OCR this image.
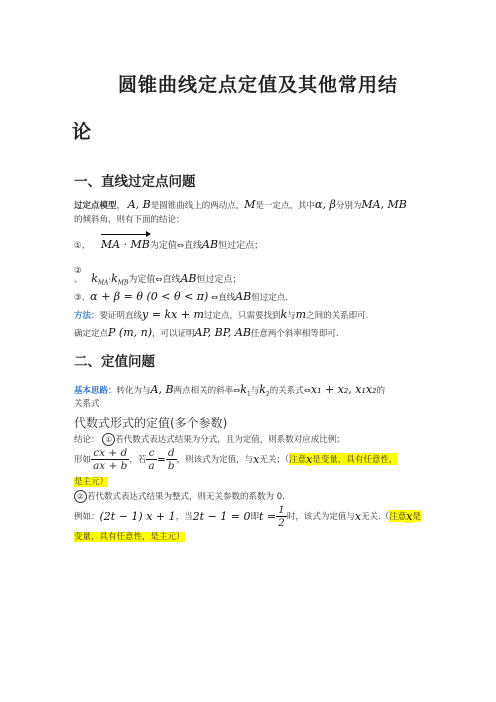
圆锥曲线定点定值及其他常用结
论
一、直线过定点问题
过定点模型， A, B是圆锥曲线上的两动点，M是一定点，其中α, β分别为MA, MB
的倾斜角，则有下面的结论：
①、 MA · MB为定值⇔直线AB恒过定点；
②
、 $k_{MA}\cdot k_{MB}$为定值⇔直线AB恒过定点；
③、α + β = θ (0 < θ < π) ⇔直线AB恒过定点.
方法：要证明直线y = kx + m过定点，只需要找到k与m之间的关系即可.
确定定点P (m, n)，可以证明AP, BP, AB任意两个斜率相等即可.
二、定值问题
基本思路：转化为与A, B两点相关的斜率$\Leftrightarrow k_1$与$k_2$的关系式⇔x₁ + x₂, x₁x₂的
关系式
代数式形式的定值(多个参数)
结论： ① 若代数式表达式结果为分式，且为定值，则系数对应成比例；
形如 $\frac{cx + d}{ax + b}$ ，若 $\frac{c}{a} = \frac{d}{b}$ ，则该式为定值，与 x 无关；（ 注意 x 是变量，具有任意性，
是主元）
② 若代数式表达式结果为整式，则无关参数的系数为 0.
例如： (2t − 1) x + 1 ，当 2t − 1 = 0 即 $t = \frac{1}{2}$ 时，该式为定值与 x 无关.（ 注意 x 是
变量，具有任意性，是主元）
